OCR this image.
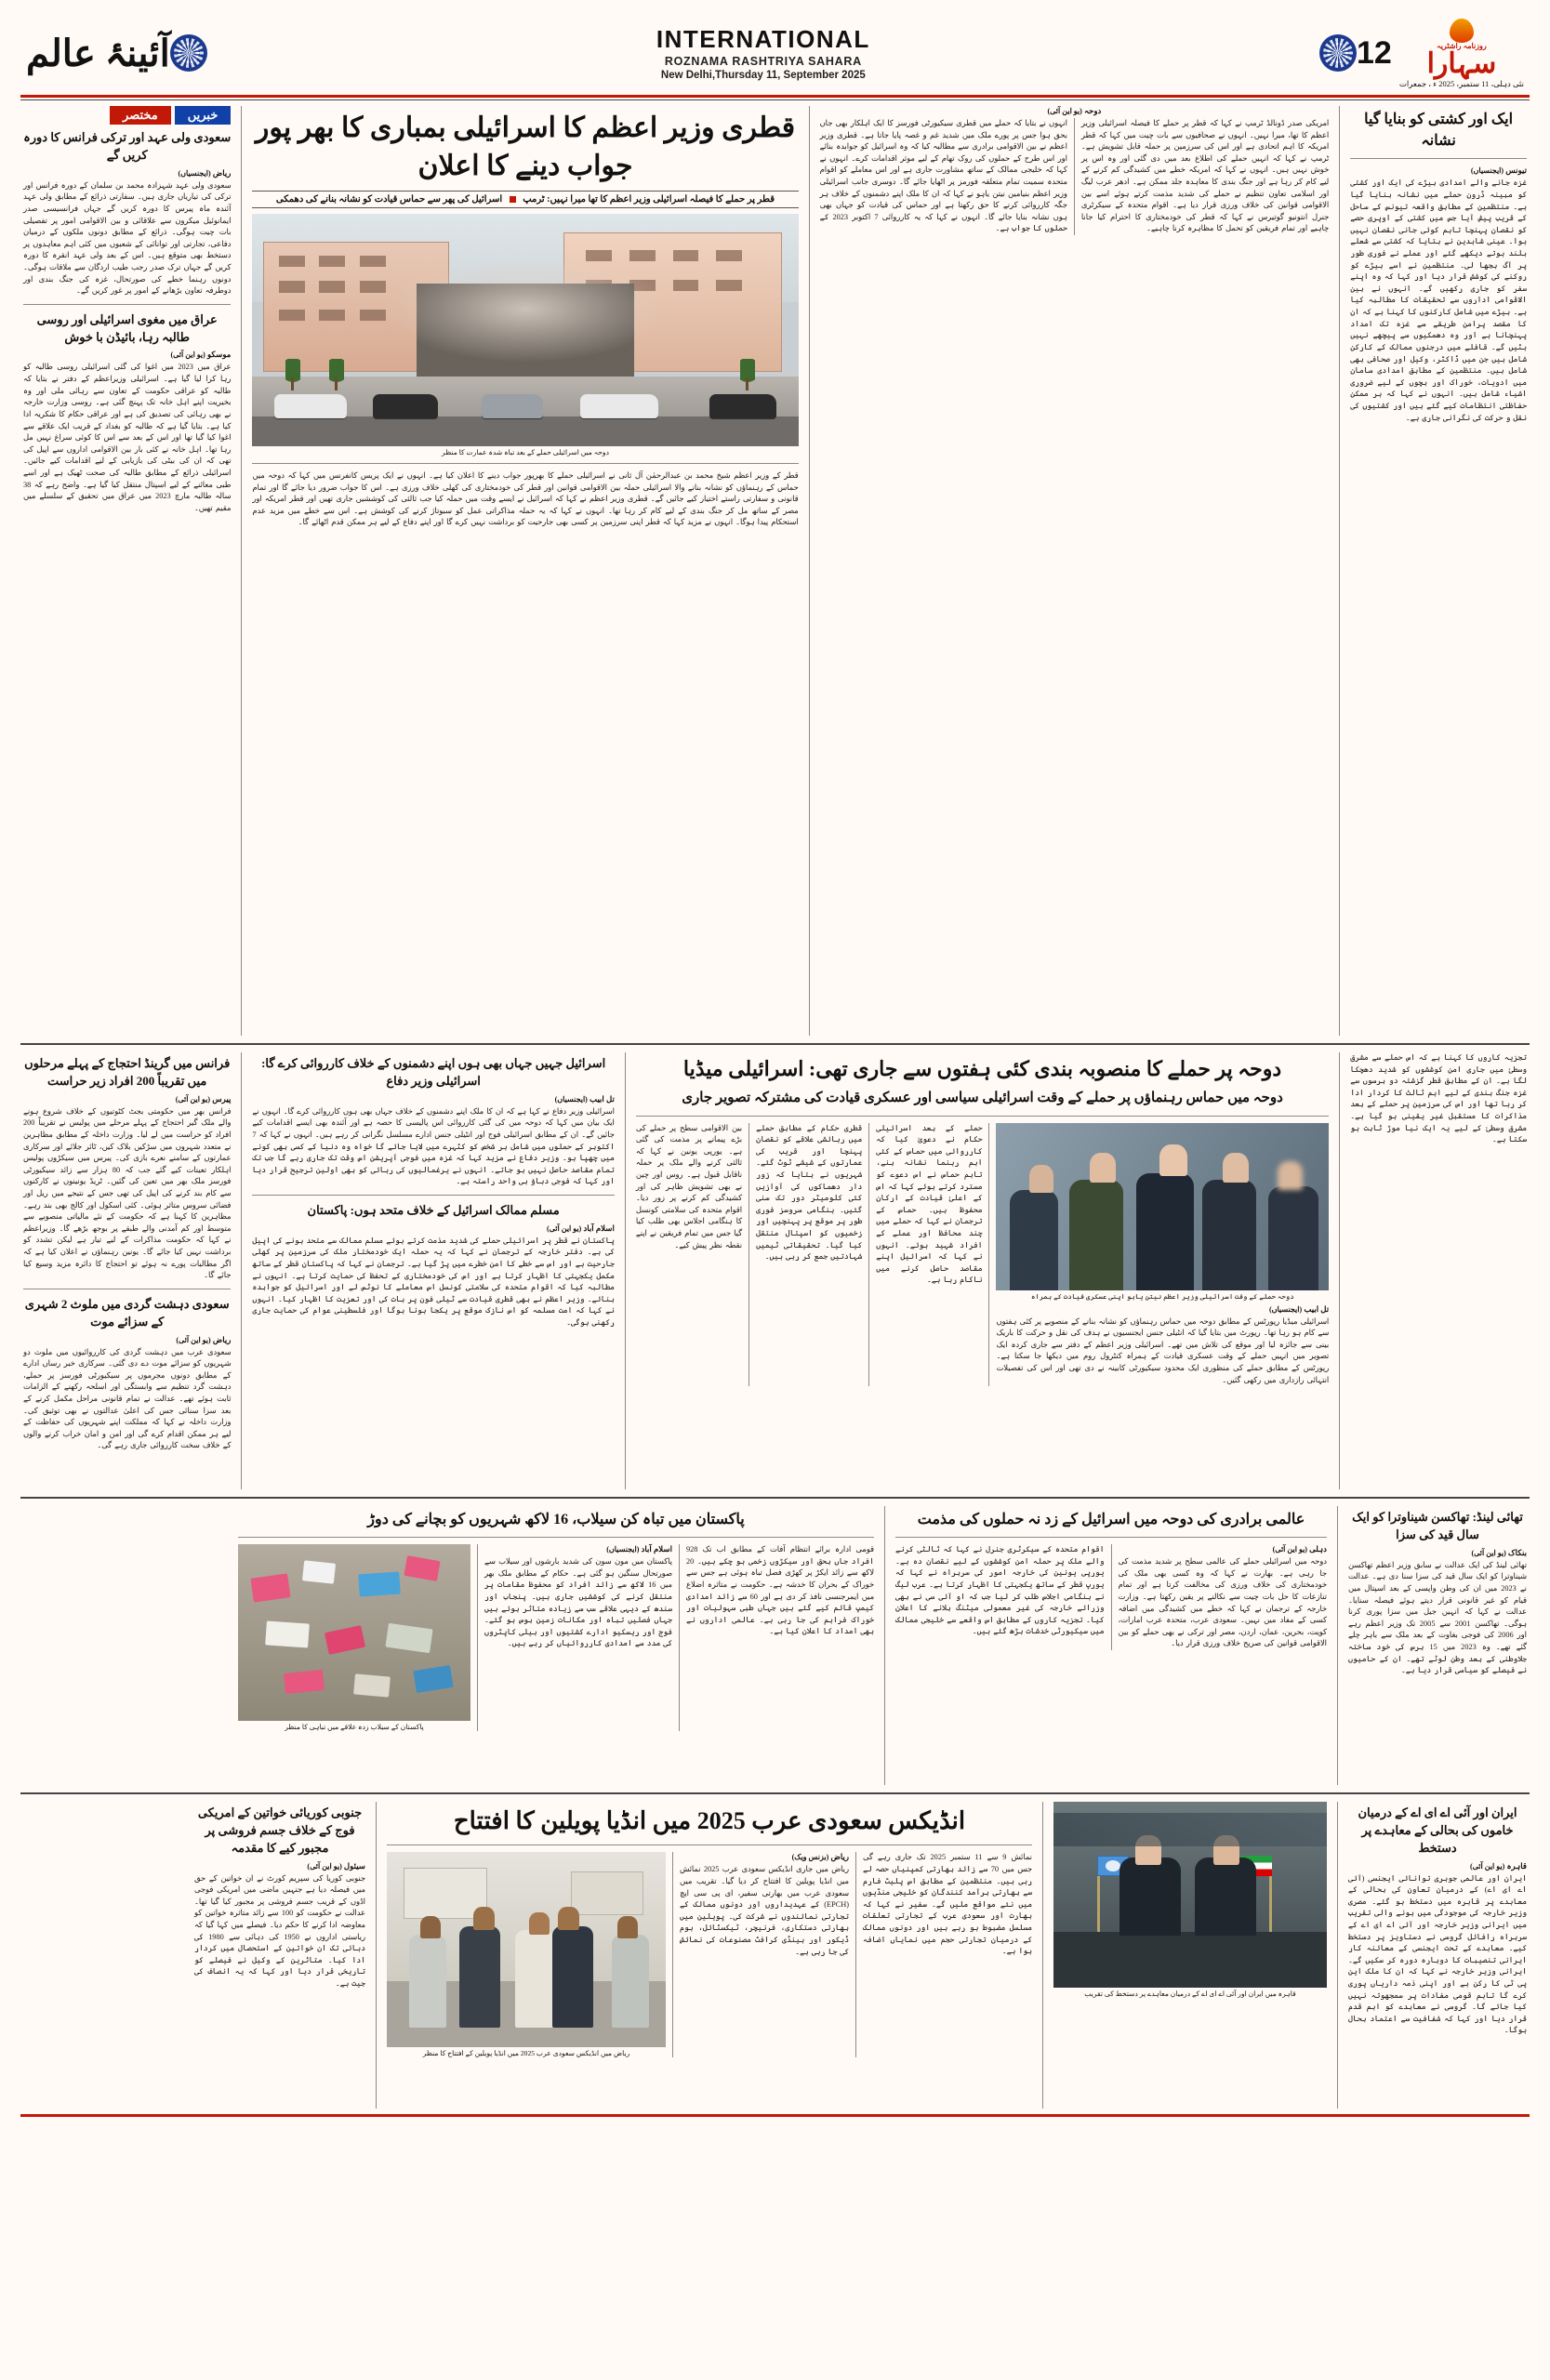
روزنامہ راشٹریہ
سہارا
نئی دہلی، 11 ستمبر، 2025 ء ، جمعرات
12
INTERNATIONAL
ROZNAMA RASHTRIYA SAHARA
New Delhi,Thursday 11, September 2025
آئینۂ عالم
ایک اور کشتی کو بنایا گیا نشانہ
تیونس (ایجنسیاں)
غزہ جانے والے امدادی بیڑے کی ایک اور کشتی کو مبینہ ڈرون حملے میں نشانہ بنایا گیا ہے۔ منتظمین کے مطابق واقعہ تیونس کے ساحل کے قریب پیش آیا جس میں کشتی کے اوپری حصے کو نقصان پہنچا تاہم کوئی جانی نقصان نہیں ہوا۔ عینی شاہدین نے بتایا کہ کشتی سے شعلے بلند ہوتے دیکھے گئے اور عملے نے فوری طور پر آگ بجھا لی۔ منتظمین نے اسے بیڑے کو روکنے کی کوشش قرار دیا اور کہا کہ وہ اپنے سفر کو جاری رکھیں گے۔ انہوں نے بین الاقوامی اداروں سے تحقیقات کا مطالبہ کیا ہے۔ بیڑے میں شامل کارکنوں کا کہنا ہے کہ ان کا مقصد پرامن طریقے سے غزہ تک امداد پہنچانا ہے اور وہ دھمکیوں سے پیچھے نہیں ہٹیں گے۔ قافلے میں درجنوں ممالک کے کارکن شامل ہیں جن میں ڈاکٹر، وکیل اور صحافی بھی شامل ہیں۔ منتظمین کے مطابق امدادی سامان میں ادویات، خوراک اور بچوں کے لیے ضروری اشیاء شامل ہیں۔ انہوں نے کہا کہ ہر ممکن حفاظتی انتظامات کیے گئے ہیں اور کشتیوں کی نقل و حرکت کی نگرانی جاری ہے۔
دوحہ (یو این آئی)
امریکی صدر ڈونالڈ ٹرمپ نے کہا کہ قطر پر حملے کا فیصلہ اسرائیلی وزیر اعظم کا تھا، میرا نہیں۔ انہوں نے صحافیوں سے بات چیت میں کہا کہ قطر امریکہ کا اہم اتحادی ہے اور اس کی سرزمین پر حملہ قابل تشویش ہے۔ ٹرمپ نے کہا کہ انہیں حملے کی اطلاع بعد میں دی گئی اور وہ اس پر خوش نہیں ہیں۔ انہوں نے کہا کہ امریکہ خطے میں کشیدگی کم کرنے کے لیے کام کر رہا ہے اور جنگ بندی کا معاہدہ جلد ممکن ہے۔ ادھر عرب لیگ اور اسلامی تعاون تنظیم نے حملے کی شدید مذمت کرتے ہوئے اسے بین الاقوامی قوانین کی خلاف ورزی قرار دیا ہے۔ اقوام متحدہ کے سیکرٹری جنرل انتونیو گوتیرس نے کہا کہ قطر کی خودمختاری کا احترام کیا جانا چاہیے اور تمام فریقین کو تحمل کا مظاہرہ کرنا چاہیے۔
انہوں نے بتایا کہ حملے میں قطری سیکیورٹی فورسز کا ایک اہلکار بھی جاں بحق ہوا جس پر پورے ملک میں شدید غم و غصہ پایا جاتا ہے۔ قطری وزیر اعظم نے بین الاقوامی برادری سے مطالبہ کیا کہ وہ اسرائیل کو جوابدہ بنائے اور اس طرح کے حملوں کی روک تھام کے لیے موثر اقدامات کرے۔ انہوں نے کہا کہ خلیجی ممالک کے ساتھ مشاورت جاری ہے اور اس معاملے کو اقوام متحدہ سمیت تمام متعلقہ فورمز پر اٹھایا جائے گا۔ دوسری جانب اسرائیلی وزیر اعظم بنیامین نیتن یاہو نے کہا کہ ان کا ملک اپنے دشمنوں کے خلاف ہر جگہ کارروائی کرنے کا حق رکھتا ہے اور حماس کی قیادت کو جہاں بھی ہوں نشانہ بنایا جائے گا۔ انہوں نے کہا کہ یہ کارروائی 7 اکتوبر 2023 کے حملوں کا جواب ہے۔
قطری وزیر اعظم کا اسرائیلی بمباری کا بھر پور جواب دینے کا اعلان
قطر پر حملے کا فیصلہ اسرائیلی وزیر اعظم کا تھا میرا نہیں: ٹرمپ  اسرائیل کی پھر سے حماس قیادت کو نشانہ بنانے کی دھمکی
دوحہ میں اسرائیلی حملے کے بعد تباہ شدہ عمارت کا منظر
قطر کے وزیر اعظم شیخ محمد بن عبدالرحمٰن آل ثانی نے اسرائیلی حملے کا بھرپور جواب دینے کا اعلان کیا ہے۔ انہوں نے ایک پریس کانفرنس میں کہا کہ دوحہ میں حماس کے رہنماؤں کو نشانہ بنانے والا اسرائیلی حملہ بین الاقوامی قوانین اور قطر کی خودمختاری کی کھلی خلاف ورزی ہے۔ اس کا جواب ضرور دیا جائے گا اور تمام قانونی و سفارتی راستے اختیار کیے جائیں گے۔ قطری وزیر اعظم نے کہا کہ اسرائیل نے ایسے وقت میں حملہ کیا جب ثالثی کی کوششیں جاری تھیں اور قطر امریکہ اور مصر کے ساتھ مل کر جنگ بندی کے لیے کام کر رہا تھا۔ انہوں نے کہا کہ یہ حملہ مذاکراتی عمل کو سبوتاژ کرنے کی کوشش ہے۔ اس سے خطے میں مزید عدم استحکام پیدا ہوگا۔ انہوں نے مزید کہا کہ قطر اپنی سرزمین پر کسی بھی جارحیت کو برداشت نہیں کرے گا اور اپنے دفاع کے لیے ہر ممکن قدم اٹھائے گا۔
خبریں
مختصر
سعودی ولی عہد اور ترکی فرانس کا دورہ کریں گے
ریاض (ایجنسیاں)
سعودی ولی عہد شہزادہ محمد بن سلمان کے دورہ فرانس اور ترکی کی تیاریاں جاری ہیں۔ سفارتی ذرائع کے مطابق ولی عہد آئندہ ماہ پیرس کا دورہ کریں گے جہاں فرانسیسی صدر ایمانوئیل میکرون سے علاقائی و بین الاقوامی امور پر تفصیلی بات چیت ہوگی۔ ذرائع کے مطابق دونوں ملکوں کے درمیان دفاعی، تجارتی اور توانائی کے شعبوں میں کئی اہم معاہدوں پر دستخط بھی متوقع ہیں۔ اس کے بعد ولی عہد انقرہ کا دورہ کریں گے جہاں ترک صدر رجب طیب اردگان سے ملاقات ہوگی۔ دونوں رہنما خطے کی صورتحال، غزہ کی جنگ بندی اور دوطرفہ تعاون بڑھانے کے امور پر غور کریں گے۔
عراق میں مغوی اسرائیلی اور روسی طالبہ رہا، بائیڈن با خوش
موسکو (یو این آئی)
عراق میں 2023 میں اغوا کی گئی اسرائیلی روسی طالبہ کو رہا کرا لیا گیا ہے۔ اسرائیلی وزیراعظم کے دفتر نے بتایا کہ طالبہ کو عراقی حکومت کے تعاون سے رہائی ملی اور وہ بخیریت اپنے اہل خانہ تک پہنچ گئی ہے۔ روسی وزارت خارجہ نے بھی رہائی کی تصدیق کی ہے اور عراقی حکام کا شکریہ ادا کیا ہے۔ بتایا گیا ہے کہ طالبہ کو بغداد کے قریب ایک علاقے سے اغوا کیا گیا تھا اور اس کے بعد سے اس کا کوئی سراغ نہیں مل رہا تھا۔ اہل خانہ نے کئی بار بین الاقوامی اداروں سے اپیل کی تھی کہ ان کی بیٹی کی بازیابی کے لیے اقدامات کیے جائیں۔ اسرائیلی ذرائع کے مطابق طالبہ کی صحت ٹھیک ہے اور اسے طبی معائنے کے لیے اسپتال منتقل کیا گیا ہے۔ واضح رہے کہ 38 سالہ طالبہ مارچ 2023 میں عراق میں تحقیق کے سلسلے میں مقیم تھیں۔
تجزیہ کاروں کا کہنا ہے کہ اس حملے سے مشرق وسطیٰ میں جاری امن کوششوں کو شدید دھچکا لگا ہے۔ ان کے مطابق قطر گزشتہ دو برسوں سے غزہ جنگ بندی کے لیے اہم ثالث کا کردار ادا کر رہا تھا اور اس کی سرزمین پر حملے کے بعد مذاکرات کا مستقبل غیر یقینی ہو گیا ہے۔ مشرق وسطیٰ کے لیے یہ ایک نیا موڑ ثابت ہو سکتا ہے۔
دوحہ پر حملے کا منصوبہ بندی کئی ہفتوں سے جاری تھی: اسرائیلی میڈیا
دوحہ میں حماس رہنماؤں پر حملے کے وقت اسرائیلی سیاسی اور عسکری قیادت کی مشترکہ تصویر جاری
دوحہ حملے کے وقت اسرائیلی وزیر اعظم نیتن یاہو اپنی عسکری قیادت کے ہمراہ
تل ابیب (ایجنسیاں)
اسرائیلی میڈیا رپورٹس کے مطابق دوحہ میں حماس رہنماؤں کو نشانہ بنانے کے منصوبے پر کئی ہفتوں سے کام ہو رہا تھا۔ رپورٹ میں بتایا گیا کہ انٹیلی جنس ایجنسیوں نے ہدف کی نقل و حرکت کا باریک بینی سے جائزہ لیا اور موقع کی تلاش میں تھے۔ اسرائیلی وزیر اعظم کے دفتر سے جاری کردہ ایک تصویر میں انہیں حملے کے وقت عسکری قیادت کے ہمراہ کنٹرول روم میں دیکھا جا سکتا ہے۔ رپورٹس کے مطابق حملے کی منظوری ایک محدود سیکیورٹی کابینہ نے دی تھی اور اس کی تفصیلات انتہائی رازداری میں رکھی گئیں۔
حملے کے بعد اسرائیلی حکام نے دعویٰ کیا کہ کارروائی میں حماس کے کئی اہم رہنما نشانہ بنے، تاہم حماس نے اس دعوے کو مسترد کرتے ہوئے کہا کہ اس کے اعلیٰ قیادت کے ارکان محفوظ ہیں۔ حماس کے ترجمان نے کہا کہ حملے میں چند محافظ اور عملے کے افراد شہید ہوئے۔ انہوں نے کہا کہ اسرائیل اپنے مقاصد حاصل کرنے میں ناکام رہا ہے۔
قطری حکام کے مطابق حملے میں رہائشی علاقے کو نقصان پہنچا اور قریب کی عمارتوں کے شیشے ٹوٹ گئے۔ شہریوں نے بتایا کہ زور دار دھماکوں کی آوازیں کئی کلومیٹر دور تک سنی گئیں۔ ہنگامی سروسز فوری طور پر موقع پر پہنچیں اور زخمیوں کو اسپتال منتقل کیا گیا۔ تحقیقاتی ٹیمیں شہادتیں جمع کر رہی ہیں۔
بین الاقوامی سطح پر حملے کی بڑے پیمانے پر مذمت کی گئی ہے۔ یورپی یونین نے کہا کہ ثالثی کرنے والے ملک پر حملہ ناقابل قبول ہے۔ روس اور چین نے بھی تشویش ظاہر کی اور کشیدگی کم کرنے پر زور دیا۔ اقوام متحدہ کی سلامتی کونسل کا ہنگامی اجلاس بھی طلب کیا گیا جس میں تمام فریقین نے اپنے نقطہ نظر پیش کیے۔
اسرائیل جہیں جہاں بھی ہوں اپنے دشمنوں کے خلاف کارروائی کرے گا: اسرائیلی وزیر دفاع
تل ابیب (ایجنسیاں)
اسرائیلی وزیر دفاع نے کہا ہے کہ ان کا ملک اپنے دشمنوں کے خلاف جہاں بھی ہوں کارروائی کرے گا۔ انہوں نے ایک بیان میں کہا کہ دوحہ میں کی گئی کارروائی اس پالیسی کا حصہ ہے اور آئندہ بھی ایسے اقدامات کیے جائیں گے۔ ان کے مطابق اسرائیلی فوج اور انٹیلی جنس ادارے مسلسل نگرانی کر رہے ہیں۔ انہوں نے کہا کہ 7 اکتوبر کے حملوں میں شامل ہر شخص کو کٹہرے میں لایا جائے گا خواہ وہ دنیا کے کسی بھی کونے میں چھپا ہو۔ وزیر دفاع نے مزید کہا کہ غزہ میں فوجی آپریشن اس وقت تک جاری رہے گا جب تک تمام مقاصد حاصل نہیں ہو جاتے۔ انہوں نے یرغمالیوں کی رہائی کو بھی اولین ترجیح قرار دیا اور کہا کہ فوجی دباؤ ہی واحد راستہ ہے۔
مسلم ممالک اسرائیل کے خلاف متحد ہوں: پاکستان
اسلام آباد (یو این آئی)
پاکستان نے قطر پر اسرائیلی حملے کی شدید مذمت کرتے ہوئے مسلم ممالک سے متحد ہونے کی اپیل کی ہے۔ دفتر خارجہ کے ترجمان نے کہا کہ یہ حملہ ایک خودمختار ملک کی سرزمین پر کھلی جارحیت ہے اور اس سے خطے کا امن خطرے میں پڑ گیا ہے۔ ترجمان نے کہا کہ پاکستان قطر کے ساتھ مکمل یکجہتی کا اظہار کرتا ہے اور اس کی خودمختاری کے تحفظ کی حمایت کرتا ہے۔ انہوں نے مطالبہ کیا کہ اقوام متحدہ کی سلامتی کونسل اس معاملے کا نوٹس لے اور اسرائیل کو جوابدہ بنائے۔ وزیر اعظم نے بھی قطری قیادت سے ٹیلی فون پر بات کی اور تعزیت کا اظہار کیا۔ انہوں نے کہا کہ امت مسلمہ کو اس نازک موقع پر یکجا ہونا ہوگا اور فلسطینی عوام کی حمایت جاری رکھنی ہوگی۔
فرانس میں گرینڈ احتجاج کے پہلے مرحلوں میں تقریباً 200 افراد زیر حراست
پیرس (یو این آئی)
فرانس بھر میں حکومتی بجٹ کٹوتیوں کے خلاف شروع ہونے والے ملک گیر احتجاج کے پہلے مرحلے میں پولیس نے تقریباً 200 افراد کو حراست میں لے لیا۔ وزارت داخلہ کے مطابق مظاہرین نے متعدد شہروں میں سڑکیں بلاک کیں، ٹائر جلائے اور سرکاری عمارتوں کے سامنے نعرے بازی کی۔ پیرس میں سیکڑوں پولیس اہلکار تعینات کیے گئے جب کہ 80 ہزار سے زائد سیکیورٹی فورسز ملک بھر میں تعین کی گئیں۔ ٹریڈ یونینوں نے کارکنوں سے کام بند کرنے کی اپیل کی تھی جس کے نتیجے میں ریل اور فضائی سروس متاثر ہوئی۔ کئی اسکول اور کالج بھی بند رہے۔ مظاہرین کا کہنا ہے کہ حکومت کے نئے مالیاتی منصوبے سے متوسط اور کم آمدنی والے طبقے پر بوجھ بڑھے گا۔ وزیراعظم نے کہا کہ حکومت مذاکرات کے لیے تیار ہے لیکن تشدد کو برداشت نہیں کیا جائے گا۔ یونین رہنماؤں نے اعلان کیا ہے کہ اگر مطالبات پورے نہ ہوئے تو احتجاج کا دائرہ مزید وسیع کیا جائے گا۔
سعودی دہشت گردی میں ملوث 2 شہری کے سزائے موت
ریاض (یو این آئی)
سعودی عرب میں دہشت گردی کی کارروائیوں میں ملوث دو شہریوں کو سزائے موت دے دی گئی۔ سرکاری خبر رساں ادارے کے مطابق دونوں مجرموں پر سیکیورٹی فورسز پر حملے، دہشت گرد تنظیم سے وابستگی اور اسلحہ رکھنے کے الزامات ثابت ہوئے تھے۔ عدالت نے تمام قانونی مراحل مکمل کرنے کے بعد سزا سنائی جس کی اعلیٰ عدالتوں نے بھی توثیق کی۔ وزارت داخلہ نے کہا کہ مملکت اپنے شہریوں کی حفاظت کے لیے ہر ممکن اقدام کرے گی اور امن و امان خراب کرنے والوں کے خلاف سخت کارروائی جاری رہے گی۔
تھائی لینڈ: تھاکسن شیناوترا کو ایک سال قید کی سزا
بنکاک (یو این آئی)
تھائی لینڈ کی ایک عدالت نے سابق وزیر اعظم تھاکسن شیناوترا کو ایک سال قید کی سزا سنا دی ہے۔ عدالت نے 2023 میں ان کی وطن واپسی کے بعد اسپتال میں قیام کو غیر قانونی قرار دیتے ہوئے فیصلہ سنایا۔ عدالت نے کہا کہ انہیں جیل میں سزا پوری کرنا ہوگی۔ تھاکسن 2001 سے 2005 تک وزیر اعظم رہے اور 2006 کی فوجی بغاوت کے بعد ملک سے باہر چلے گئے تھے۔ وہ 2023 میں 15 برس کی خود ساختہ جلاوطنی کے بعد وطن لوٹے تھے۔ ان کے حامیوں نے فیصلے کو سیاسی قرار دیا ہے۔
عالمی برادری کی دوحہ میں اسرائیل کے زد نہ حملوں کی مذمت
دہلی (یو این آئی)
دوحہ میں اسرائیلی حملے کی عالمی سطح پر شدید مذمت کی جا رہی ہے۔ بھارت نے کہا کہ وہ کسی بھی ملک کی خودمختاری کی خلاف ورزی کی مخالفت کرتا ہے اور تمام تنازعات کا حل بات چیت سے نکالنے پر یقین رکھتا ہے۔ وزارت خارجہ کے ترجمان نے کہا کہ خطے میں کشیدگی میں اضافہ کسی کے مفاد میں نہیں۔ سعودی عرب، متحدہ عرب امارات، کویت، بحرین، عمان، اردن، مصر اور ترکی نے بھی حملے کو بین الاقوامی قوانین کی صریح خلاف ورزی قرار دیا۔
اقوام متحدہ کے سیکرٹری جنرل نے کہا کہ ثالثی کرنے والے ملک پر حملہ امن کوششوں کے لیے نقصان دہ ہے۔ یورپی یونین کی خارجہ امور کی سربراہ نے کہا کہ یورپ قطر کے ساتھ یکجہتی کا اظہار کرتا ہے۔ عرب لیگ نے ہنگامی اجلاس طلب کر لیا جب کہ او آئی سی نے بھی وزرائے خارجہ کی غیر معمولی میٹنگ بلانے کا اعلان کیا۔ تجزیہ کاروں کے مطابق اس واقعے سے خلیجی ممالک میں سیکیورٹی خدشات بڑھ گئے ہیں۔
پاکستان میں تباہ کن سیلاب، 16 لاکھ شہریوں کو بچانے کی دوڑ
قومی ادارہ برائے انتظام آفات کے مطابق اب تک 928 افراد جاں بحق اور سیکڑوں زخمی ہو چکے ہیں۔ 20 لاکھ سے زائد ایکڑ پر کھڑی فصل تباہ ہوئی ہے جس سے خوراک کے بحران کا خدشہ ہے۔ حکومت نے متاثرہ اضلاع میں ایمرجنسی نافذ کر دی ہے اور 60 سے زائد امدادی کیمپ قائم کیے گئے ہیں جہاں طبی سہولیات اور خوراک فراہم کی جا رہی ہے۔ عالمی اداروں نے بھی امداد کا اعلان کیا ہے۔
اسلام آباد (ایجنسیاں)
پاکستان میں مون سون کی شدید بارشوں اور سیلاب سے صورتحال سنگین ہو گئی ہے۔ حکام کے مطابق ملک بھر میں 16 لاکھ سے زائد افراد کو محفوظ مقامات پر منتقل کرنے کی کوششیں جاری ہیں۔ پنجاب اور سندھ کے دیہی علاقے سب سے زیادہ متاثر ہوئے ہیں جہاں فصلیں تباہ اور مکانات زمین بوس ہو گئے۔ فوج اور ریسکیو ادارے کشتیوں اور ہیلی کاپٹروں کی مدد سے امدادی کارروائیاں کر رہے ہیں۔
پاکستان کے سیلاب زدہ علاقے میں تباہی کا منظر
ایران اور آئی اے ای اے کے درمیان خاموں کی بحالی کے معاہدے پر دستخط
قاہرہ (یو این آئی)
ایران اور عالمی جوہری توانائی ایجنسی (آئی اے ای اے) کے درمیان تعاون کی بحالی کے معاہدے پر قاہرہ میں دستخط ہو گئے۔ مصری وزیر خارجہ کی موجودگی میں ہونے والی تقریب میں ایرانی وزیر خارجہ اور آئی اے ای اے کے سربراہ رافائل گروسی نے دستاویز پر دستخط کیے۔ معاہدے کے تحت ایجنسی کے معائنہ کار ایرانی تنصیبات کا دوبارہ دورہ کر سکیں گے۔ ایرانی وزیر خارجہ نے کہا کہ ان کا ملک این پی ٹی کا رکن ہے اور اپنی ذمہ داریاں پوری کرے گا تاہم قومی مفادات پر سمجھوتہ نہیں کیا جائے گا۔ گروسی نے معاہدے کو اہم قدم قرار دیا اور کہا کہ شفافیت سے اعتماد بحال ہوگا۔
قاہرہ میں ایران اور آئی اے ای اے کے درمیان معاہدے پر دستخط کی تقریب
انڈیکس سعودی عرب 2025 میں انڈیا پویلین کا افتتاح
نمائش 9 سے 11 ستمبر 2025 تک جاری رہے گی جس میں 70 سے زائد بھارتی کمپنیاں حصہ لے رہی ہیں۔ منتظمین کے مطابق اس پلیٹ فارم سے بھارتی برآمد کنندگان کو خلیجی منڈیوں میں نئے مواقع ملیں گے۔ سفیر نے کہا کہ بھارت اور سعودی عرب کے تجارتی تعلقات مسلسل مضبوط ہو رہے ہیں اور دونوں ممالک کے درمیان تجارتی حجم میں نمایاں اضافہ ہوا ہے۔
ریاض (بزنس ویک)
ریاض میں جاری انڈیکس سعودی عرب 2025 نمائش میں انڈیا پویلین کا افتتاح کر دیا گیا۔ تقریب میں سعودی عرب میں بھارتی سفیر، ای پی سی ایچ (EPCH) کے عہدیداروں اور دونوں ممالک کے تجارتی نمائندوں نے شرکت کی۔ پویلین میں بھارتی دستکاری، فرنیچر، ٹیکسٹائل، ہوم ڈیکور اور ہینڈی کرافٹ مصنوعات کی نمائش کی جا رہی ہے۔
ریاض میں انڈیکس سعودی عرب 2025 میں انڈیا پویلین کے افتتاح کا منظر
جنوبی کوریائی خواتین کے امریکی فوج کے خلاف جسم فروشی پر مجبور کیے کا مقدمہ
سیئول (یو این آئی)
جنوبی کوریا کی سپریم کورٹ نے ان خواتین کے حق میں فیصلہ دیا ہے جنہیں ماضی میں امریکی فوجی اڈوں کے قریب جسم فروشی پر مجبور کیا گیا تھا۔ عدالت نے حکومت کو 100 سے زائد متاثرہ خواتین کو معاوضہ ادا کرنے کا حکم دیا۔ فیصلے میں کہا گیا کہ ریاستی اداروں نے 1950 کی دہائی سے 1980 کی دہائی تک ان خواتین کے استحصال میں کردار ادا کیا۔ متاثرین کے وکیل نے فیصلے کو تاریخی قرار دیا اور کہا کہ یہ انصاف کی جیت ہے۔
